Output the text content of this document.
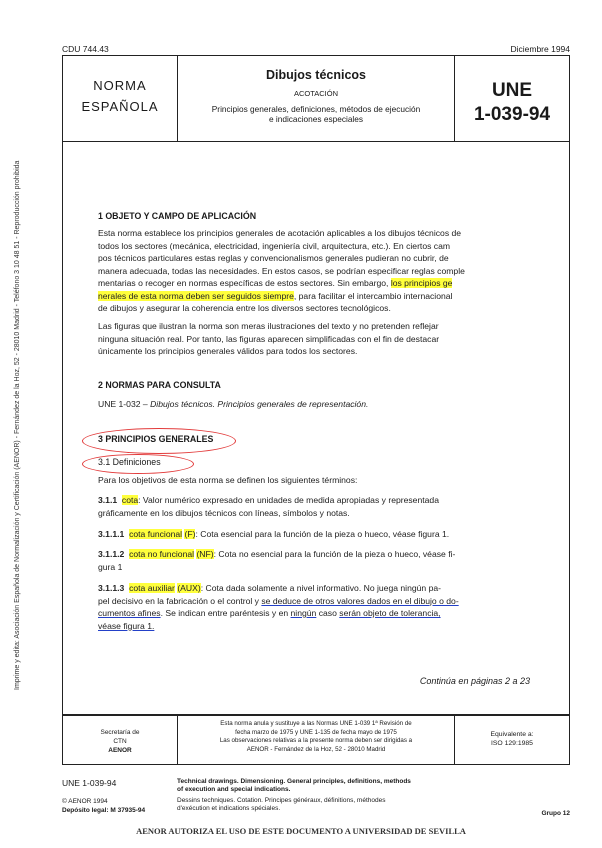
CDU 744.43	Diciembre 1994
Imprime y edita: Asociación Española de Normalización y Certificación (AENOR) - Fernández de la Hoz, 52 - 28010 Madrid - Teléfono 3 10 48 51 - Reproducción prohibida
NORMA
ESPAÑOLA
Dibujos técnicos
ACOTACIÓN
Principios generales, definiciones, métodos de ejecución
e indicaciones especiales
UNE
1-039-94
1 OBJETO Y CAMPO DE APLICACIÓN
Esta norma establece los principios generales de acotación aplicables a los dibujos técnicos de
todos los sectores (mecánica, electricidad, ingeniería civil, arquitectura, etc.). En ciertos cam
pos técnicos particulares estas reglas y convencionalismos generales pudieran no cubrir, de
manera adecuada, todas las necesidades. En estos casos, se podrían especificar reglas comple
mentarias o recoger en normas específicas de estos sectores. Sin embargo, los principios ge
nerales de esta norma deben ser seguidos siempre, para facilitar el intercambio internacional
de dibujos y asegurar la coherencia entre los diversos sectores tecnológicos.
Las figuras que ilustran la norma son meras ilustraciones del texto y no pretenden reflejar
ninguna situación real. Por tanto, las figuras aparecen simplificadas con el fin de destacar
únicamente los principios generales válidos para todos los sectores.
2 NORMAS PARA CONSULTA
UNE 1-032 – Dibujos técnicos. Principios generales de representación.
3 PRINCIPIOS GENERALES
3.1 Definiciones
Para los objetivos de esta norma se definen los siguientes términos:
3.1.1 cota: Valor numérico expresado en unidades de medida apropiadas y representada
gráficamente en los dibujos técnicos con líneas, símbolos y notas.
3.1.1.1 cota funcional (F): Cota esencial para la función de la pieza o hueco, véase figura 1.
3.1.1.2 cota no funcional (NF): Cota no esencial para la función de la pieza o hueco, véase fi-
gura 1
3.1.1.3 cota auxiliar (AUX): Cota dada solamente a nivel informativo. No juega ningún pa-
pel decisivo en la fabricación o el control y se deduce de otros valores dados en el dibujo o do-
cumentos afines. Se indican entre paréntesis y en ningún caso serán objeto de tolerancia,
véase figura 1.
Continúa en páginas 2 a 23
Secretaría de
CTN
AENOR
Esta norma anula y sustituye a las Normas UNE 1-039 1ª Revisión de
fecha marzo de 1975 y UNE 1-135 de fecha mayo de 1975
Las observaciones relativas a la presente norma deben ser dirigidas a
AENOR - Fernández de la Hoz, 52 - 28010 Madrid
Equivalente a:
ISO 129:1985
UNE 1-039-94
© AENOR 1994
Depósito legal: M 37935-94
Technical drawings. Dimensioning. General principles, definitions, methods
of execution and special indications.
Dessins techniques. Cotation. Principes généraux, définitions, méthodes
d'exécution et indications spéciales.
Grupo 12
AENOR AUTORIZA EL USO DE ESTE DOCUMENTO A UNIVERSIDAD DE SEVILLA
